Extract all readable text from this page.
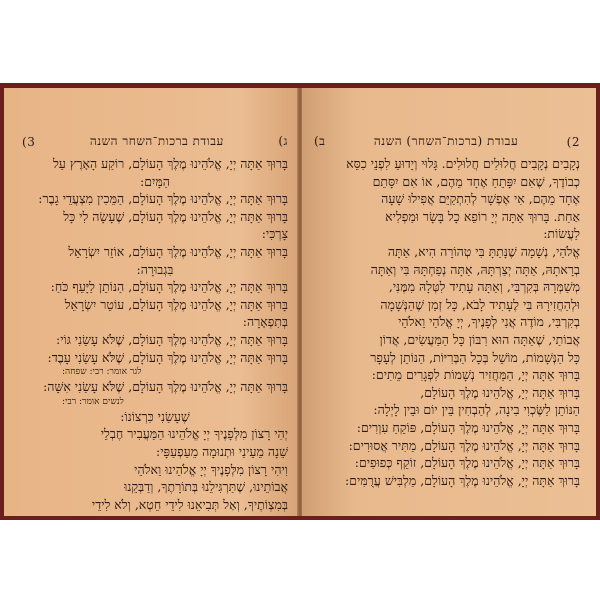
ג)
עבודת ברכות־השחר השנה
3)
בָּרוּךְ אַתָּה יְיָ, אֱלֹהֵינוּ מֶלֶךְ הָעוֹלָם, רוֹקַע הָאָרֶץ עַל
הַמָּיִם:
בָּרוּךְ אַתָּה יְיָ, אֱלֹהֵינוּ מֶלֶךְ הָעוֹלָם, הַמֵּכִין מִצְעֲדֵי גָבֶר:
בָּרוּךְ אַתָּה יְיָ, אֱלֹהֵינוּ מֶלֶךְ הָעוֹלָם, שֶׁעָשָׂה לִי כָּל
צָרְכִּי:
בָּרוּךְ אַתָּה יְיָ, אֱלֹהֵינוּ מֶלֶךְ הָעוֹלָם, אוֹזֵר יִשְׂרָאֵל
בִּגְבוּרָה:
בָּרוּךְ אַתָּה יְיָ, אֱלֹהֵינוּ מֶלֶךְ הָעוֹלָם, הַנּוֹתֵן לַיָּעֵף כֹּחַ:
בָּרוּךְ אַתָּה יְיָ, אֱלֹהֵינוּ מֶלֶךְ הָעוֹלָם, עוֹטֵר יִשְׂרָאֵל
בְּתִפְאָרָה:
בָּרוּךְ אַתָּה יְיָ, אֱלֹהֵינוּ מֶלֶךְ הָעוֹלָם, שֶׁלֹּא עָשַׂנִי גּוֹי:
בָּרוּךְ אַתָּה יְיָ, אֱלֹהֵינוּ מֶלֶךְ הָעוֹלָם, שֶׁלֹּא עָשַׂנִי עָבֶד:
לגר אומר: רבי: שפחה:
בָּרוּךְ אַתָּה יְיָ, אֱלֹהֵינוּ מֶלֶךְ הָעוֹלָם, שֶׁלֹּא עָשַׂנִי אִשָּׁה:
לנשים אומר: רבי:
שֶׁעָשַׂנִי כִּרְצוֹנוֹ:
יְהִי רָצוֹן מִלְּפָנֶיךָ יְיָ אֱלֹהֵינוּ הַמַּעֲבִיר חֶבְלֵי
שֵׁנָה מֵעֵינַי וּתְנוּמָה מֵעַפְעַפָּי:
וִיהִי רָצוֹן מִלְּפָנֶיךָ יְיָ אֱלֹהֵינוּ וֵאלֹהֵי
אֲבוֹתֵינוּ, שֶׁתַּרְגִּילֵנוּ בְּתוֹרָתֶךָ, וְדַבְּקֵנוּ
בְּמִצְוֹתֶיךָ, וְאַל תְּבִיאֵנוּ לִידֵי חֵטְא, וְלֹא לִידֵי
2)
עבודת (ברכות־השחר) השנה
ב)
נְקָבִים נְקָבִים חֲלוּלִים חֲלוּלִים. גָּלוּי וְיָדוּעַ לִפְנֵי כִסֵּא
כְבוֹדֶךָ, שֶׁאִם יִפָּתֵחַ אֶחָד מֵהֶם, אוֹ אִם יִסָּתֵם
אֶחָד מֵהֶם, אִי אֶפְשָׁר לְהִתְקַיֵּם אֲפִילוּ שָׁעָה
אַחַת. בָּרוּךְ אַתָּה יְיָ רוֹפֵא כָל בָּשָׂר וּמַפְלִיא
לַעֲשׂוֹת:
אֱלֹהַי, נְשָׁמָה שֶׁנָּתַתָּ בִּי טְהוֹרָה הִיא, אַתָּה
בְרָאתָהּ, אַתָּה יְצַרְתָּהּ, אַתָּה נְפַחְתָּהּ בִּי וְאַתָּה
מְשַׁמְּרָהּ בְּקִרְבִּי, וְאַתָּה עָתִיד לִטְּלָהּ מִמֶּנִּי,
וּלְהַחֲזִירָהּ בִּי לֶעָתִיד לָבֹא, כָּל זְמַן שֶׁהַנְּשָׁמָה
בְקִרְבִּי, מוֹדֶה אֲנִי לְפָנֶיךָ, יְיָ אֱלֹהַי וֵאלֹהֵי
אֲבוֹתַי, שֶׁאַתָּה הוּא רִבּוֹן כָּל הַמַּעֲשִׂים, אֲדוֹן
כָּל הַנְּשָׁמוֹת, מוֹשֵׁל בְּכָל הַבְּרִיּוֹת, הַנּוֹתֵן לְעָפָר
בָּרוּךְ אַתָּה יְיָ, הַמַּחֲזִיר נְשָׁמוֹת לִפְגָרִים מֵתִים:
בָּרוּךְ אַתָּה יְיָ, אֱלֹהֵינוּ מֶלֶךְ הָעוֹלָם,
הַנּוֹתֵן לַשֶּׂכְוִי בִינָה, לְהַבְחִין בֵּין יוֹם וּבֵין לָיְלָה:
בָּרוּךְ אַתָּה יְיָ, אֱלֹהֵינוּ מֶלֶךְ הָעוֹלָם, פּוֹקֵחַ עִוְרִים:
בָּרוּךְ אַתָּה יְיָ, אֱלֹהֵינוּ מֶלֶךְ הָעוֹלָם, מַתִּיר אֲסוּרִים:
בָּרוּךְ אַתָּה יְיָ, אֱלֹהֵינוּ מֶלֶךְ הָעוֹלָם, זוֹקֵף כְּפוּפִים:
בָּרוּךְ אַתָּה יְיָ, אֱלֹהֵינוּ מֶלֶךְ הָעוֹלָם, מַלְבִּישׁ עֲרֻמִּים:
